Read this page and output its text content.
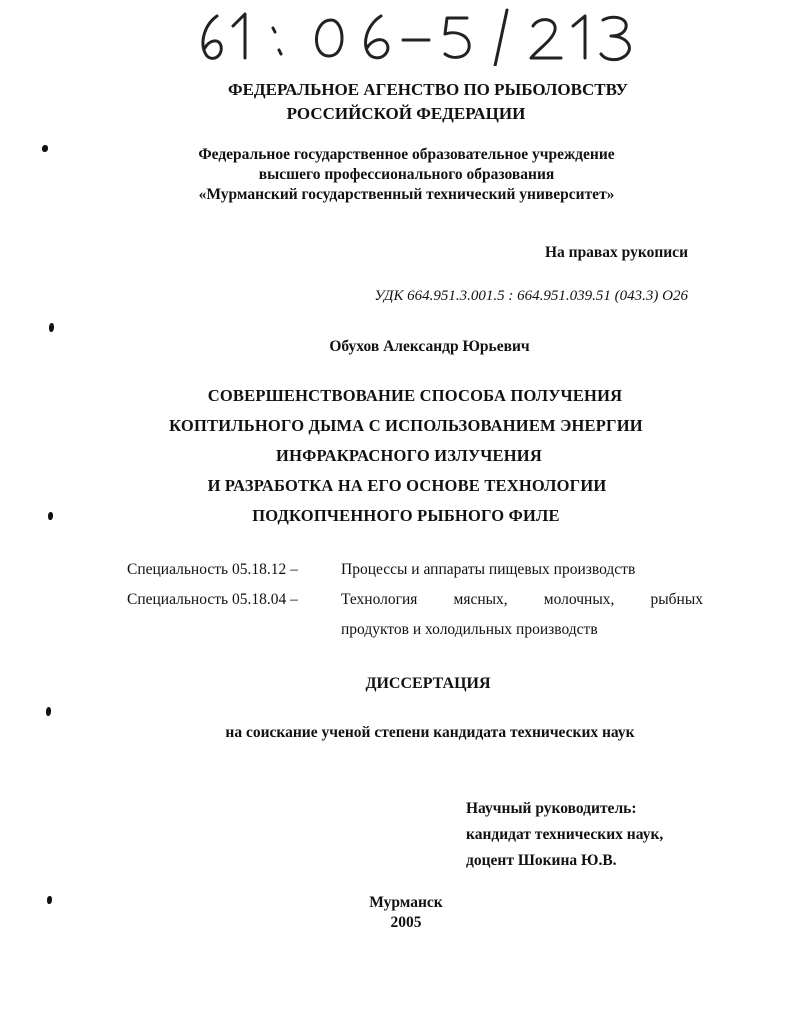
ФЕДЕРАЛЬНОЕ АГЕНСТВО ПО РЫБОЛОВСТВУ
РОССИЙСКОЙ ФЕДЕРАЦИИ
Федеральное государственное образовательное учреждение
высшего профессионального образования
«Мурманский государственный технический университет»
На правах рукописи
УДК 664.951.3.001.5 : 664.951.039.51 (043.3) О26
Обухов Александр Юрьевич
СОВЕРШЕНСТВОВАНИЕ СПОСОБА ПОЛУЧЕНИЯ
КОПТИЛЬНОГО ДЫМА С ИСПОЛЬЗОВАНИЕМ ЭНЕРГИИ
ИНФРАКРАСНОГО ИЗЛУЧЕНИЯ
И РАЗРАБОТКА НА ЕГО ОСНОВЕ ТЕХНОЛОГИИ
ПОДКОПЧЕННОГО РЫБНОГО ФИЛЕ
Специальность 05.18.12 –	Процессы и аппараты пищевых производств
Специальность 05.18.04 –	Технология мясных, молочных, рыбных
продуктов и холодильных производств
ДИССЕРТАЦИЯ
на соискание ученой степени кандидата технических наук
Научный руководитель:
кандидат технических наук,
доцент Шокина Ю.В.
Мурманск
2005
